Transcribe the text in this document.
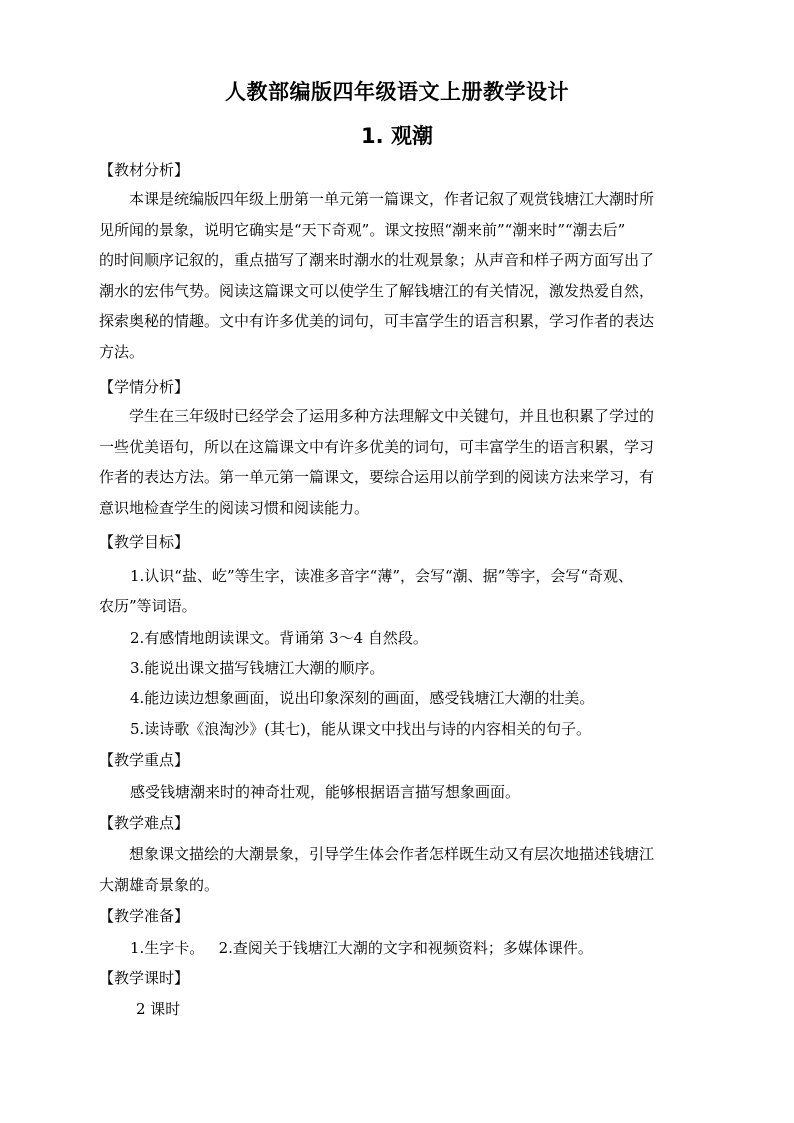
人教部编版四年级语文上册教学设计
1. 观潮
【教材分析】
本课是统编版四年级上册第一单元第一篇课文，作者记叙了观赏钱塘江大潮时所
见所闻的景象，说明它确实是“天下奇观”。课文按照“潮来前”“潮来时”“潮去后”
的时间顺序记叙的，重点描写了潮来时潮水的壮观景象；从声音和样子两方面写出了
潮水的宏伟气势。阅读这篇课文可以使学生了解钱塘江的有关情况，激发热爱自然，
探索奥秘的情趣。文中有许多优美的词句，可丰富学生的语言积累，学习作者的表达
方法。
【学情分析】
学生在三年级时已经学会了运用多种方法理解文中关键句，并且也积累了学过的
一些优美语句，所以在这篇课文中有许多优美的词句，可丰富学生的语言积累，学习
作者的表达方法。第一单元第一篇课文，要综合运用以前学到的阅读方法来学习，有
意识地检查学生的阅读习惯和阅读能力。
【教学目标】
1.认识“盐、屹”等生字，读准多音字“薄”，会写“潮、据”等字，会写“奇观、
农历”等词语。
2.有感情地朗读课文。背诵第 3～4 自然段。
3.能说出课文描写钱塘江大潮的顺序。
4.能边读边想象画面，说出印象深刻的画面，感受钱塘江大潮的壮美。
5.读诗歌《浪淘沙》(其七)，能从课文中找出与诗的内容相关的句子。
【教学重点】
感受钱塘潮来时的神奇壮观，能够根据语言描写想象画面。
【教学难点】
想象课文描绘的大潮景象，引导学生体会作者怎样既生动又有层次地描述钱塘江
大潮雄奇景象的。
【教学准备】
1.生字卡。   2.查阅关于钱塘江大潮的文字和视频资料；多媒体课件。
【教学课时】
2 课时
